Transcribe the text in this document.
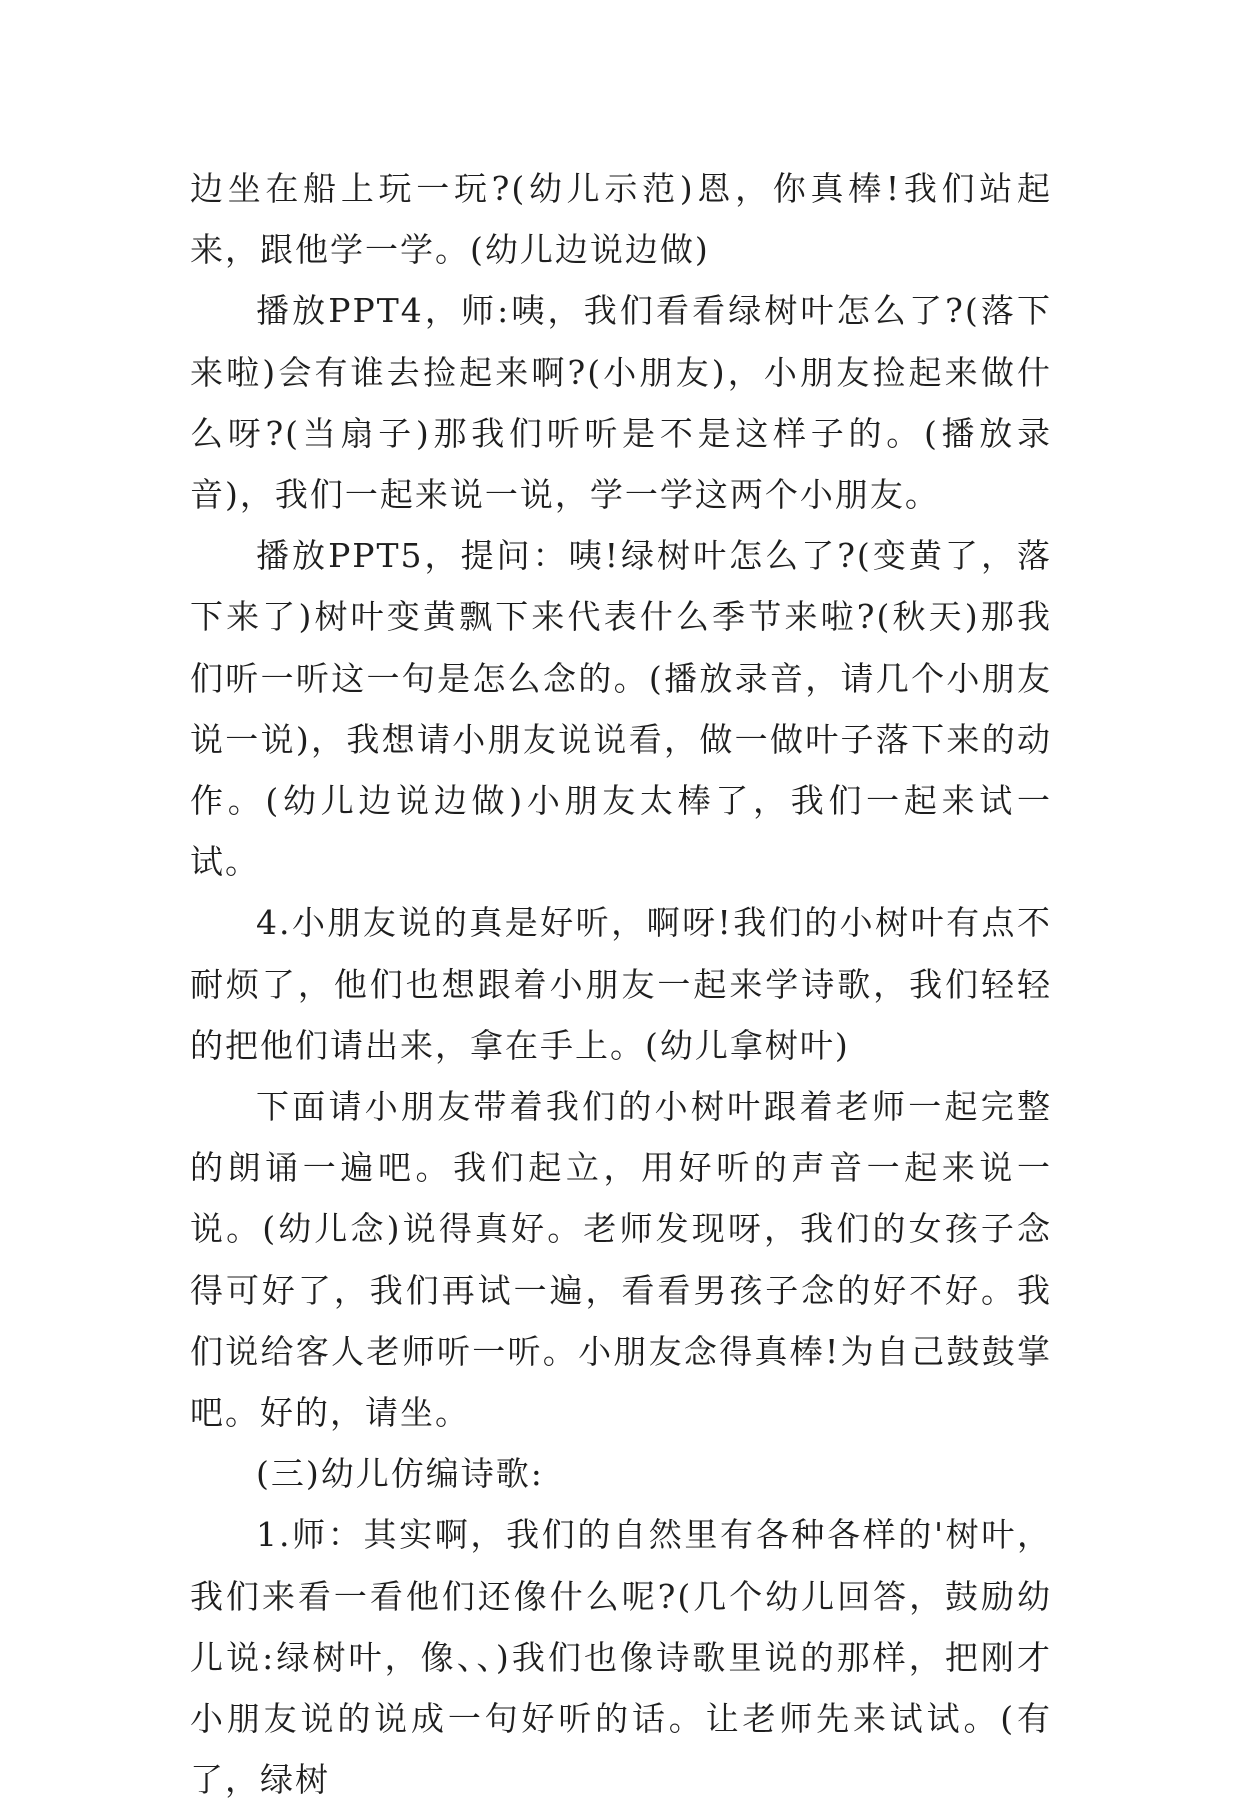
边坐在船上玩一玩?(幼儿示范)恩，你真棒!我们站起来，跟他学一学。(幼儿边说边做)

播放PPT4，师:咦，我们看看绿树叶怎么了?(落下来啦)会有谁去捡起来啊?(小朋友)，小朋友捡起来做什么呀?(当扇子)那我们听听是不是这样子的。(播放录音)，我们一起来说一说，学一学这两个小朋友。

播放PPT5，提问：咦!绿树叶怎么了?(变黄了，落下来了)树叶变黄飘下来代表什么季节来啦?(秋天)那我们听一听这一句是怎么念的。(播放录音，请几个小朋友说一说)，我想请小朋友说说看，做一做叶子落下来的动作。(幼儿边说边做)小朋友太棒了，我们一起来试一试。

4.小朋友说的真是好听，啊呀!我们的小树叶有点不耐烦了，他们也想跟着小朋友一起来学诗歌，我们轻轻的把他们请出来，拿在手上。(幼儿拿树叶)

下面请小朋友带着我们的小树叶跟着老师一起完整的朗诵一遍吧。我们起立，用好听的声音一起来说一说。(幼儿念)说得真好。老师发现呀，我们的女孩子念得可好了，我们再试一遍，看看男孩子念的好不好。我们说给客人老师听一听。小朋友念得真棒!为自己鼓鼓掌吧。好的，请坐。

(三)幼儿仿编诗歌:

1.师：其实啊，我们的自然里有各种各样的'树叶，我们来看一看他们还像什么呢?(几个幼儿回答，鼓励幼儿说:绿树叶，像、、)我们也像诗歌里说的那样，把刚才小朋友说的说成一句好听的话。让老师先来试试。(有了，绿树
